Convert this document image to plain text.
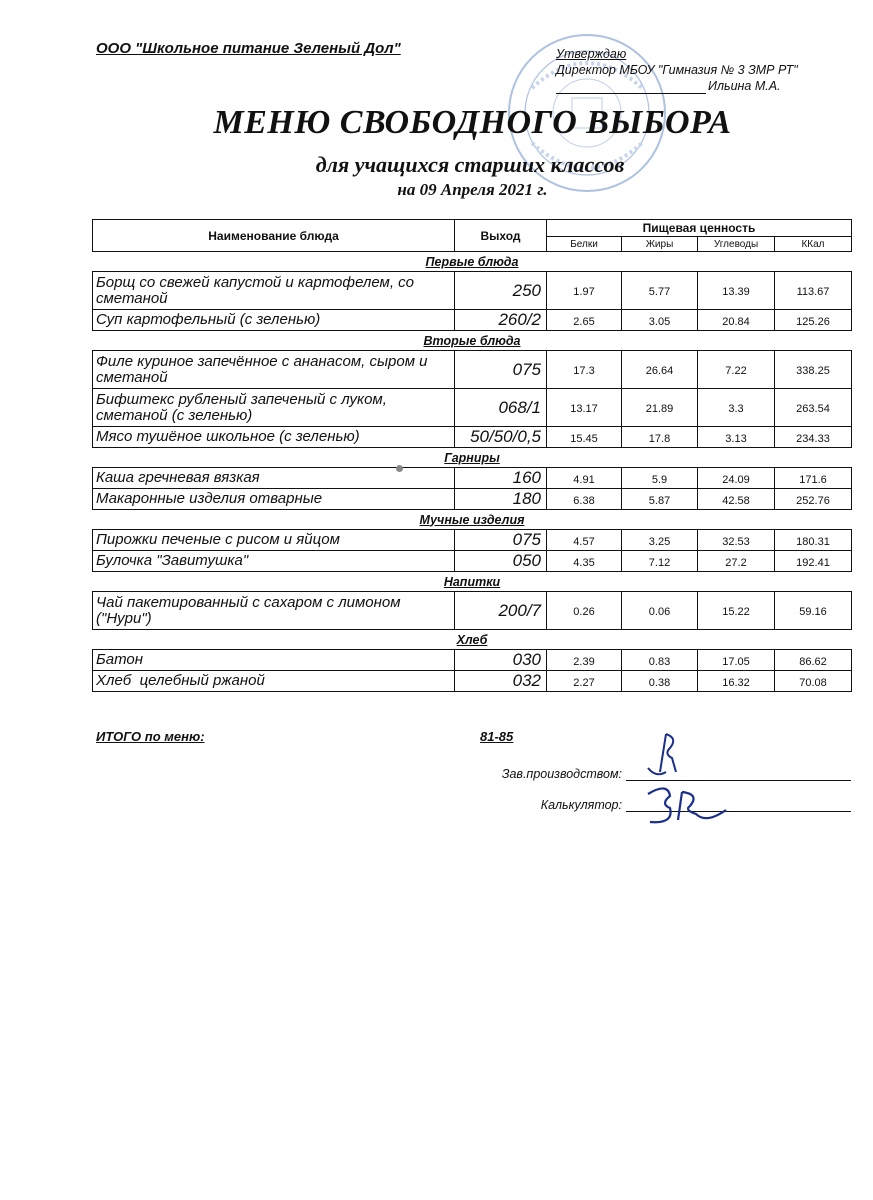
ООО "Школьное питание Зеленый Дол"	Утверждаю
Директор МБОУ "Гимназия № 3 ЗМР РТ"
Ильина М.А.
МЕНЮ СВОБОДНОГО ВЫБОРА
для учащихся старших классов
на 09 Апреля 2021 г.
Наименование блюда	Выход	Пищевая ценность			
		Белки	Жиры	Углеводы	ККал
Первые блюда					
Борщ со свежей капустой и картофелем, со сметаной	250	1.97	5.77	13.39	113.67
Суп картофельный (с зеленью)	260/2	2.65	3.05	20.84	125.26
Вторые блюда					
Филе куриное запечённое с ананасом, сыром и сметаной	075	17.3	26.64	7.22	338.25
Бифштекс рубленый запеченый с луком, сметаной (с зеленью)	068/1	13.17	21.89	3.3	263.54
Мясо тушёное школьное (с зеленью)	50/50/0,5	15.45	17.8	3.13	234.33
Гарниры					
Каша гречневая вязкая	160	4.91	5.9	24.09	171.6
Макаронные изделия отварные	180	6.38	5.87	42.58	252.76
Мучные изделия					
Пирожки печеные с рисом и яйцом	075	4.57	3.25	32.53	180.31
Булочка "Завитушка"	050	4.35	7.12	27.2	192.41
Напитки					
Чай пакетированный с сахаром с лимоном ("Нури")	200/7	0.26	0.06	15.22	59.16
Хлеб					
Батон	030	2.39	0.83	17.05	86.62
Хлеб  целебный ржаной	032	2.27	0.38	16.32	70.08
ИТОГО по меню:	81-85
Зав.производством:
Калькулятор:
